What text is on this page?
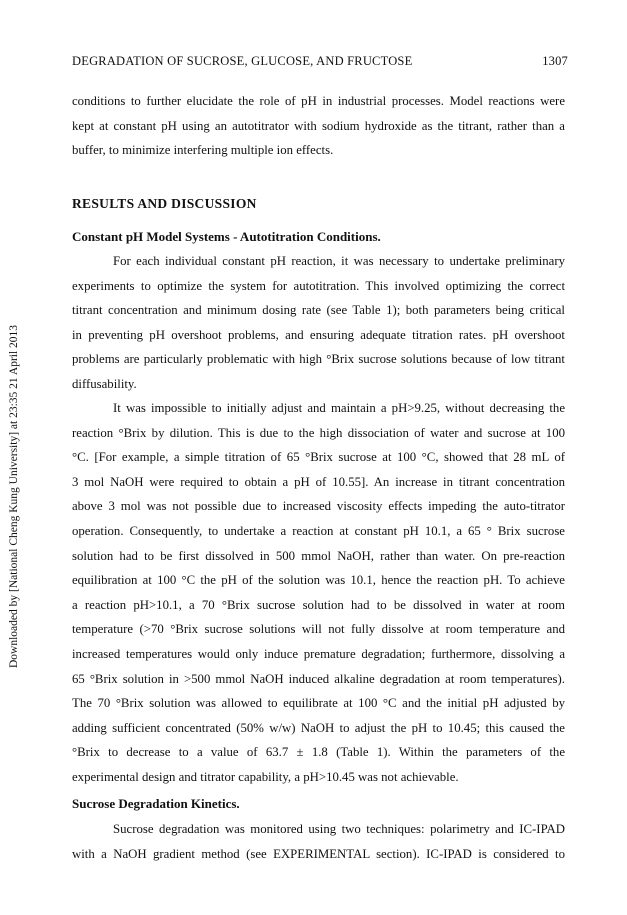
Downloaded by [National Cheng Kung University] at 23:35 21 April 2013
DEGRADATION OF SUCROSE, GLUCOSE, AND FRUCTOSE	1307
conditions to further elucidate the role of pH in industrial processes. Model reactions were
kept at constant pH using an autotitrator with sodium hydroxide as the titrant, rather than a
buffer, to minimize interfering multiple ion effects.
RESULTS AND DISCUSSION
Constant pH Model Systems - Autotitration Conditions.
For each individual constant pH reaction, it was necessary to undertake preliminary
experiments to optimize the system for autotitration. This involved optimizing the correct
titrant concentration and minimum dosing rate (see Table 1); both parameters being critical
in preventing pH overshoot problems, and ensuring adequate titration rates. pH overshoot
problems are particularly problematic with high °Brix sucrose solutions because of low titrant
diffusability.
It was impossible to initially adjust and maintain a pH>9.25, without decreasing the
reaction °Brix by dilution. This is due to the high dissociation of water and sucrose at 100
°C. [For example, a simple titration of 65 °Brix sucrose at 100 °C, showed that 28 mL of
3 mol NaOH were required to obtain a pH of 10.55]. An increase in titrant concentration
above 3 mol was not possible due to increased viscosity effects impeding the auto-titrator
operation. Consequently, to undertake a reaction at constant pH 10.1, a 65 ° Brix sucrose
solution had to be first dissolved in 500 mmol NaOH, rather than water. On pre-reaction
equilibration at 100 °C the pH of the solution was 10.1, hence the reaction pH. To achieve
a reaction pH>10.1, a 70 °Brix sucrose solution had to be dissolved in water at room
temperature (>70 °Brix sucrose solutions will not fully dissolve at room temperature and
increased temperatures would only induce premature degradation; furthermore, dissolving a
65 °Brix solution in >500 mmol NaOH induced alkaline degradation at room temperatures).
The 70 °Brix solution was allowed to equilibrate at 100 °C and the initial pH adjusted by
adding sufficient concentrated (50% w/w) NaOH to adjust the pH to 10.45; this caused the
°Brix to decrease to a value of 63.7 ± 1.8 (Table 1). Within the parameters of the
experimental design and titrator capability, a pH>10.45 was not achievable.
Sucrose Degradation Kinetics.
Sucrose degradation was monitored using two techniques: polarimetry and IC-IPAD
with a NaOH gradient method (see EXPERIMENTAL section). IC-IPAD is considered to
